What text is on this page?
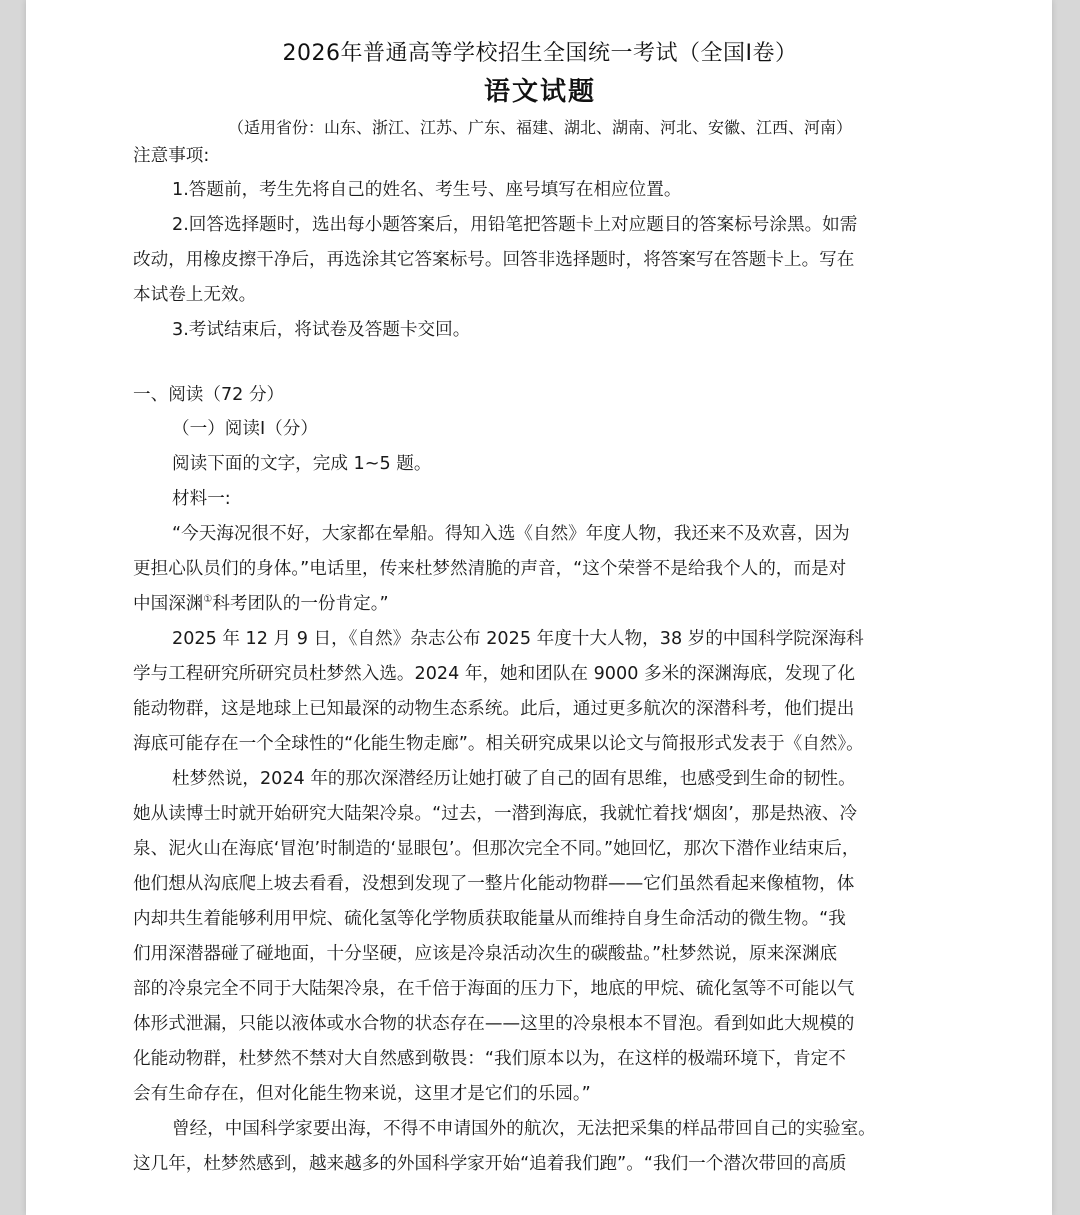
2026年普通高等学校招生全国统一考试（全国Ⅰ卷）
语文试题
（适用省份：山东、浙江、江苏、广东、福建、湖北、湖南、河北、安徽、江西、河南）
注意事项:
1.答题前，考生先将自己的姓名、考生号、座号填写在相应位置。
2.回答选择题时，选出每小题答案后，用铅笔把答题卡上对应题目的答案标号涂黑。如需
改动，用橡皮擦干净后，再选涂其它答案标号。回答非选择题时，将答案写在答题卡上。写在
本试卷上无效。
3.考试结束后，将试卷及答题卡交回。
一、阅读（72 分）
（一）阅读Ⅰ（分）
阅读下面的文字，完成 1~5 题。
材料一:
“今天海况很不好，大家都在晕船。得知入选《自然》年度人物，我还来不及欢喜，因为
更担心队员们的身体。”电话里，传来杜梦然清脆的声音，“这个荣誉不是给我个人的，而是对
中国深渊①科考团队的一份肯定。”
2025 年 12 月 9 日，《自然》杂志公布 2025 年度十大人物，38 岁的中国科学院深海科
学与工程研究所研究员杜梦然入选。2024 年，她和团队在 9000 多米的深渊海底，发现了化
能动物群，这是地球上已知最深的动物生态系统。此后，通过更多航次的深潜科考，他们提出
海底可能存在一个全球性的“化能生物走廊”。相关研究成果以论文与简报形式发表于《自然》。
杜梦然说，2024 年的那次深潜经历让她打破了自己的固有思维，也感受到生命的韧性。
她从读博士时就开始研究大陆架冷泉。“过去，一潜到海底，我就忙着找‘烟囱’，那是热液、冷
泉、泥火山在海底‘冒泡’时制造的‘显眼包’。但那次完全不同。”她回忆，那次下潜作业结束后，
他们想从沟底爬上坡去看看，没想到发现了一整片化能动物群——它们虽然看起来像植物，体
内却共生着能够利用甲烷、硫化氢等化学物质获取能量从而维持自身生命活动的微生物。“我
们用深潜器碰了碰地面，十分坚硬，应该是冷泉活动次生的碳酸盐。”杜梦然说，原来深渊底
部的冷泉完全不同于大陆架冷泉，在千倍于海面的压力下，地底的甲烷、硫化氢等不可能以气
体形式泄漏，只能以液体或水合物的状态存在——这里的冷泉根本不冒泡。看到如此大规模的
化能动物群，杜梦然不禁对大自然感到敬畏：“我们原本以为，在这样的极端环境下，肯定不
会有生命存在，但对化能生物来说，这里才是它们的乐园。”
曾经，中国科学家要出海，不得不申请国外的航次，无法把采集的样品带回自己的实验室。
这几年，杜梦然感到，越来越多的外国科学家开始“追着我们跑”。“我们一个潜次带回的高质
